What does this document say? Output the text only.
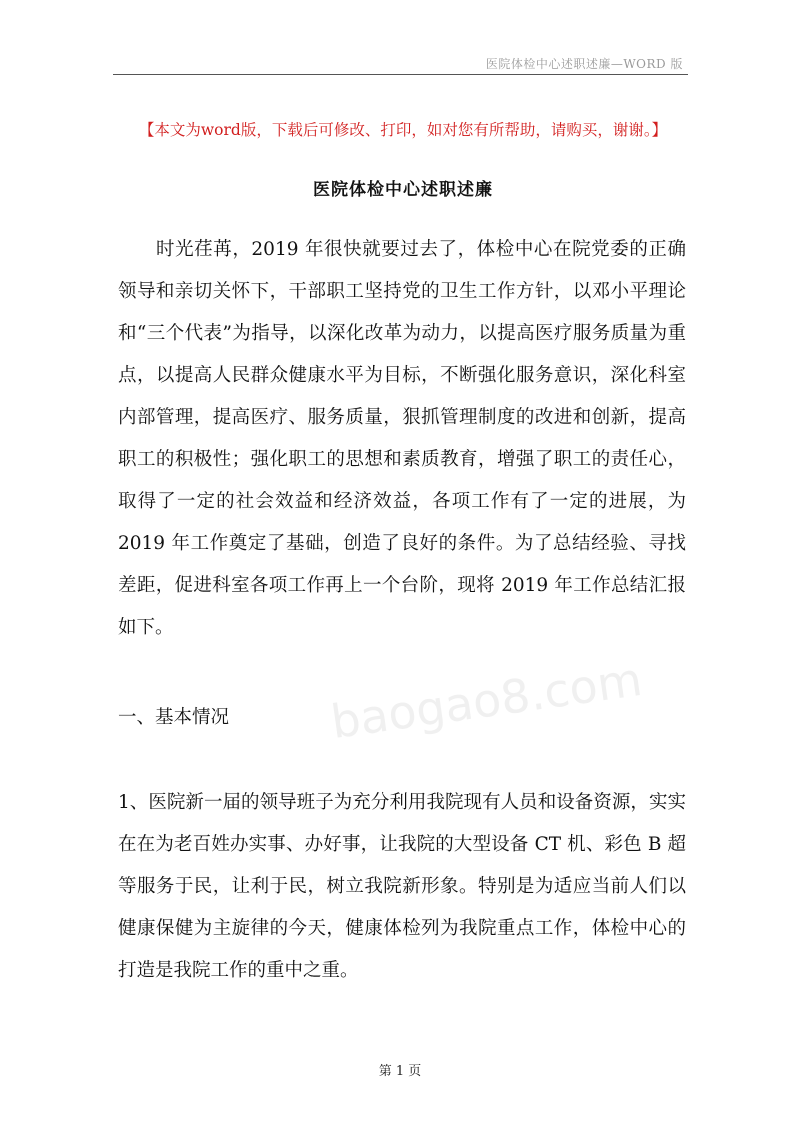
医院体检中心述职述廉—WORD 版
【本文为word版，下载后可修改、打印，如对您有所帮助，请购买，谢谢。】
医院体检中心述职述廉
时光荏苒，2019 年很快就要过去了，体检中心在院党委的正确领导和亲切关怀下，干部职工坚持党的卫生工作方针，以邓小平理论和“三个代表”为指导，以深化改革为动力，以提高医疗服务质量为重点，以提高人民群众健康水平为目标，不断强化服务意识，深化科室内部管理，提高医疗、服务质量，狠抓管理制度的改进和创新，提高职工的积极性；强化职工的思想和素质教育，增强了职工的责任心，取得了一定的社会效益和经济效益，各项工作有了一定的进展，为 2019 年工作奠定了基础，创造了良好的条件。为了总结经验、寻找差距，促进科室各项工作再上一个台阶，现将 2019 年工作总结汇报如下。
baogao8.com
一、基本情况
1、医院新一届的领导班子为充分利用我院现有人员和设备资源，实实在在为老百姓办实事、办好事，让我院的大型设备 CT 机、彩色 B 超等服务于民，让利于民，树立我院新形象。特别是为适应当前人们以健康保健为主旋律的今天，健康体检列为我院重点工作，体检中心的打造是我院工作的重中之重。
第 1 页
